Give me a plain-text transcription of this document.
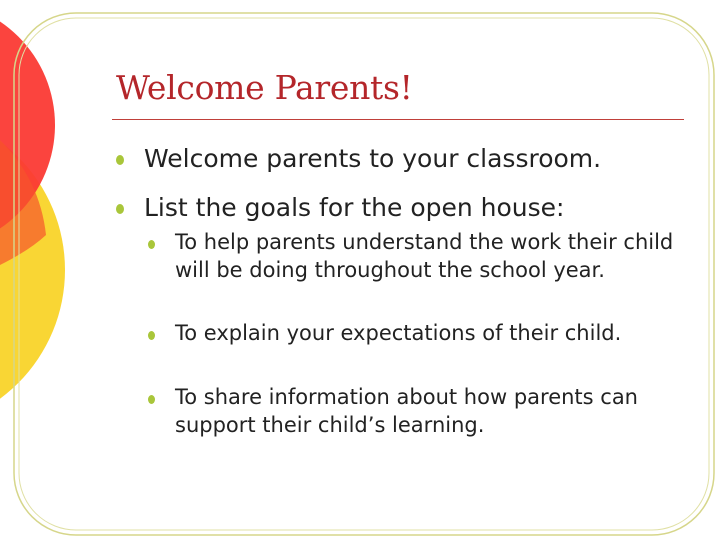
Welcome Parents!
Welcome parents to your classroom.
List the goals for the open house:
To help parents understand the work their child will be doing throughout the school year.
To explain your expectations of their child.
To share information about how parents can support their child’s learning.
